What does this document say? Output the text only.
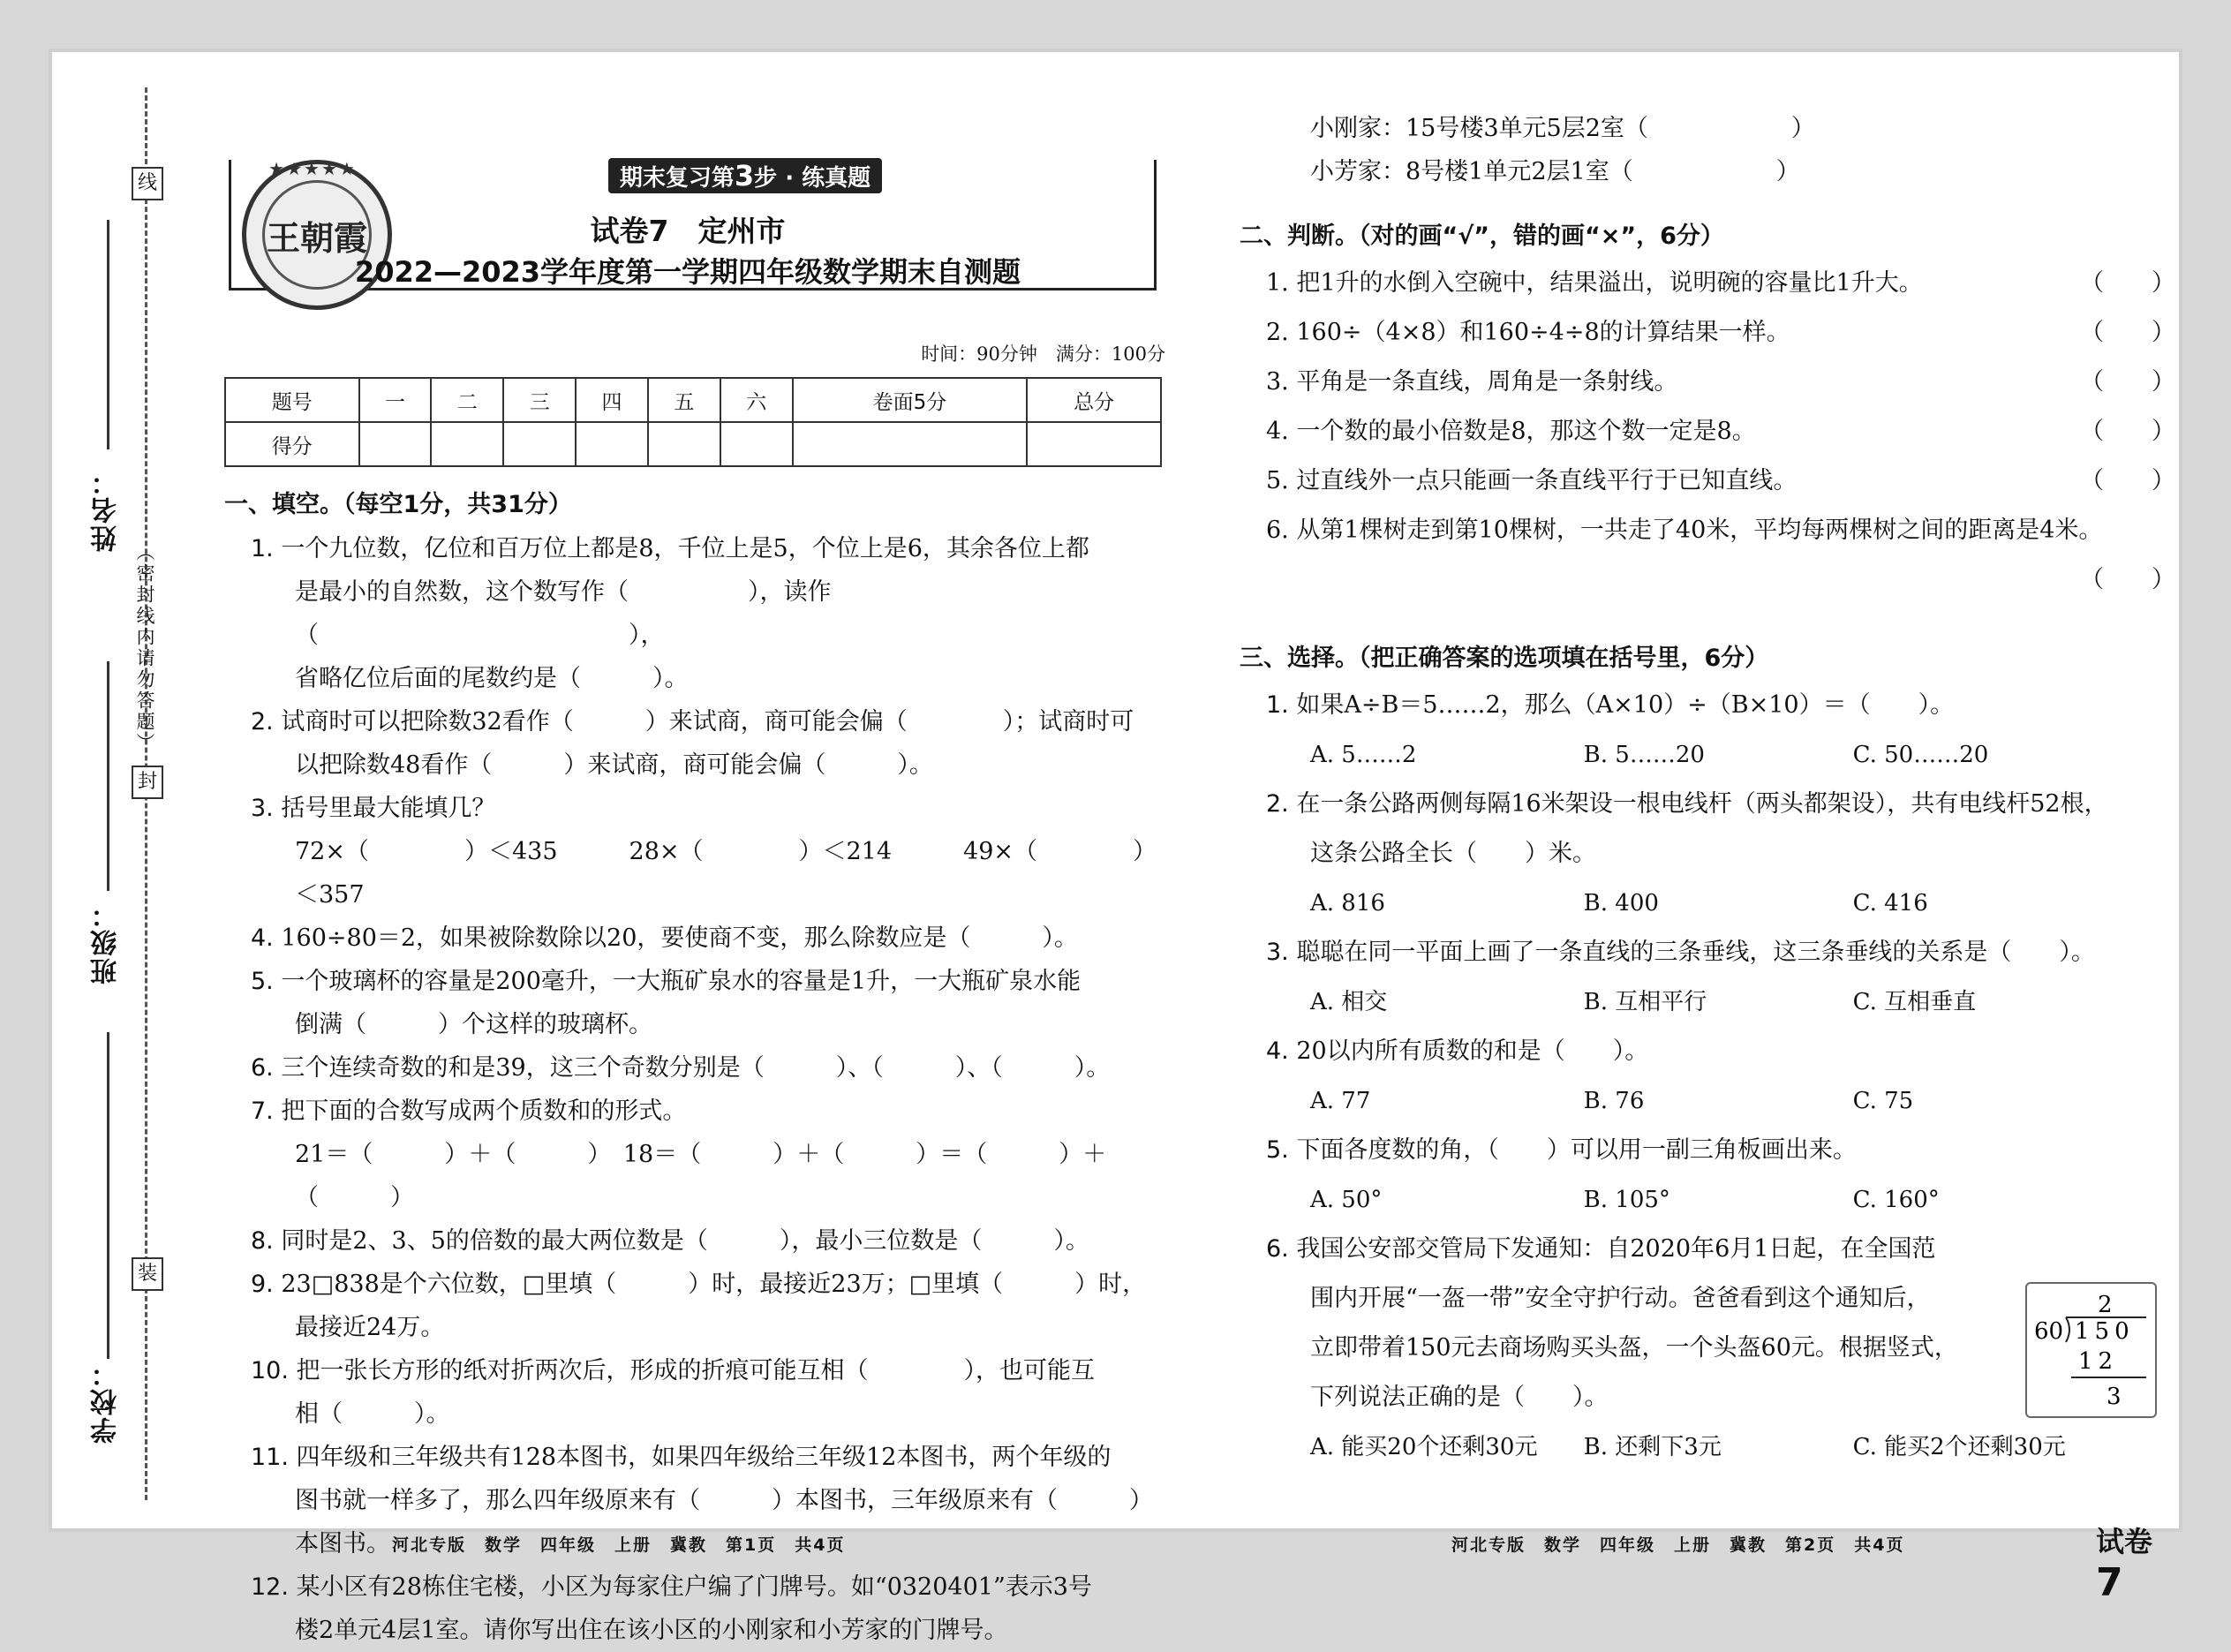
线
封
装
（密封线内请勿答题）
姓名：
班级：
学校：
期末复习第3步 · 练真题
王朝霞
★★★★★
试卷7　定州市
2022—2023学年度第一学期四年级数学期末自测题
时间：90分钟　满分：100分
题号	一	二	三	四	五	六	卷面5分	总分
得分								
一、填空。（每空1分，共31分）
1. 一个九位数，亿位和百万位上都是8，千位上是5，个位上是6，其余各位上都
是最小的自然数，这个数写作（　　　　　），读作（　　　　　　　　　　　　　），
省略亿位后面的尾数约是（　　　）。
2. 试商时可以把除数32看作（　　　）来试商，商可能会偏（　　　　）；试商时可
以把除数48看作（　　　）来试商，商可能会偏（　　　）。
3. 括号里最大能填几？
72×（　　　　）＜435　　　28×（　　　　）＜214　　　49×（　　　　）＜357
4. 160÷80＝2，如果被除数除以20，要使商不变，那么除数应是（　　　）。
5. 一个玻璃杯的容量是200毫升，一大瓶矿泉水的容量是1升，一大瓶矿泉水能
倒满（　　　）个这样的玻璃杯。
6. 三个连续奇数的和是39，这三个奇数分别是（　　　）、（　　　）、（　　　）。
7. 把下面的合数写成两个质数和的形式。
21＝（　　　）＋（　　　）　18＝（　　　）＋（　　　）＝（　　　）＋（　　　）
8. 同时是2、3、5的倍数的最大两位数是（　　　），最小三位数是（　　　）。
9. 23□838是个六位数，□里填（　　　）时，最接近23万；□里填（　　　）时，
最接近24万。
10. 把一张长方形的纸对折两次后，形成的折痕可能互相（　　　　），也可能互
相（　　　）。
11. 四年级和三年级共有128本图书，如果四年级给三年级12本图书，两个年级的
图书就一样多了，那么四年级原来有（　　　）本图书，三年级原来有（　　　）
本图书。
12. 某小区有28栋住宅楼，小区为每家住户编了门牌号。如“0320401”表示3号
楼2单元4层1室。请你写出住在该小区的小刚家和小芳家的门牌号。
小刚家：15号楼3单元5层2室（　　　　　　）
小芳家：8号楼1单元2层1室（　　　　　　）
二、判断。（对的画“√”，错的画“×”，6分）
1. 把1升的水倒入空碗中，结果溢出，说明碗的容量比1升大。	（　　）
2. 160÷（4×8）和160÷4÷8的计算结果一样。	（　　）
3. 平角是一条直线，周角是一条射线。	（　　）
4. 一个数的最小倍数是8，那这个数一定是8。	（　　）
5. 过直线外一点只能画一条直线平行于已知直线。	（　　）
6. 从第1棵树走到第10棵树，一共走了40米，平均每两棵树之间的距离是4米。
（　　）

三、选择。（把正确答案的选项填在括号里，6分）
1. 如果A÷B＝5……2，那么（A×10）÷（B×10）＝（　　）。
A. 5……2	B. 5……20	C. 50……20
2. 在一条公路两侧每隔16米架设一根电线杆（两头都架设），共有电线杆52根，
这条公路全长（　　）米。
A. 816	B. 400	C. 416
3. 聪聪在同一平面上画了一条直线的三条垂线，这三条垂线的关系是（　　）。
A. 相交	B. 互相平行	C. 互相垂直
4. 20以内所有质数的和是（　　）。
A. 77	B. 76	C. 75
5. 下面各度数的角，（　　）可以用一副三角板画出来。
A. 50°	B. 105°	C. 160°
6. 我国公安部交管局下发通知：自2020年6月1日起，在全国范
围内开展“一盔一带”安全守护行动。爸爸看到这个通知后，
立即带着150元去商场购买头盔，一个头盔60元。根据竖式，
下列说法正确的是（　　）。
A. 能买20个还剩30元	B. 还剩下3元	C. 能买2个还剩30元
河北专版　数学　四年级　上册　冀教　第1页　共4页	河北专版　数学　四年级　上册　冀教　第2页　共4页	试卷7
2
60 150
12
3
